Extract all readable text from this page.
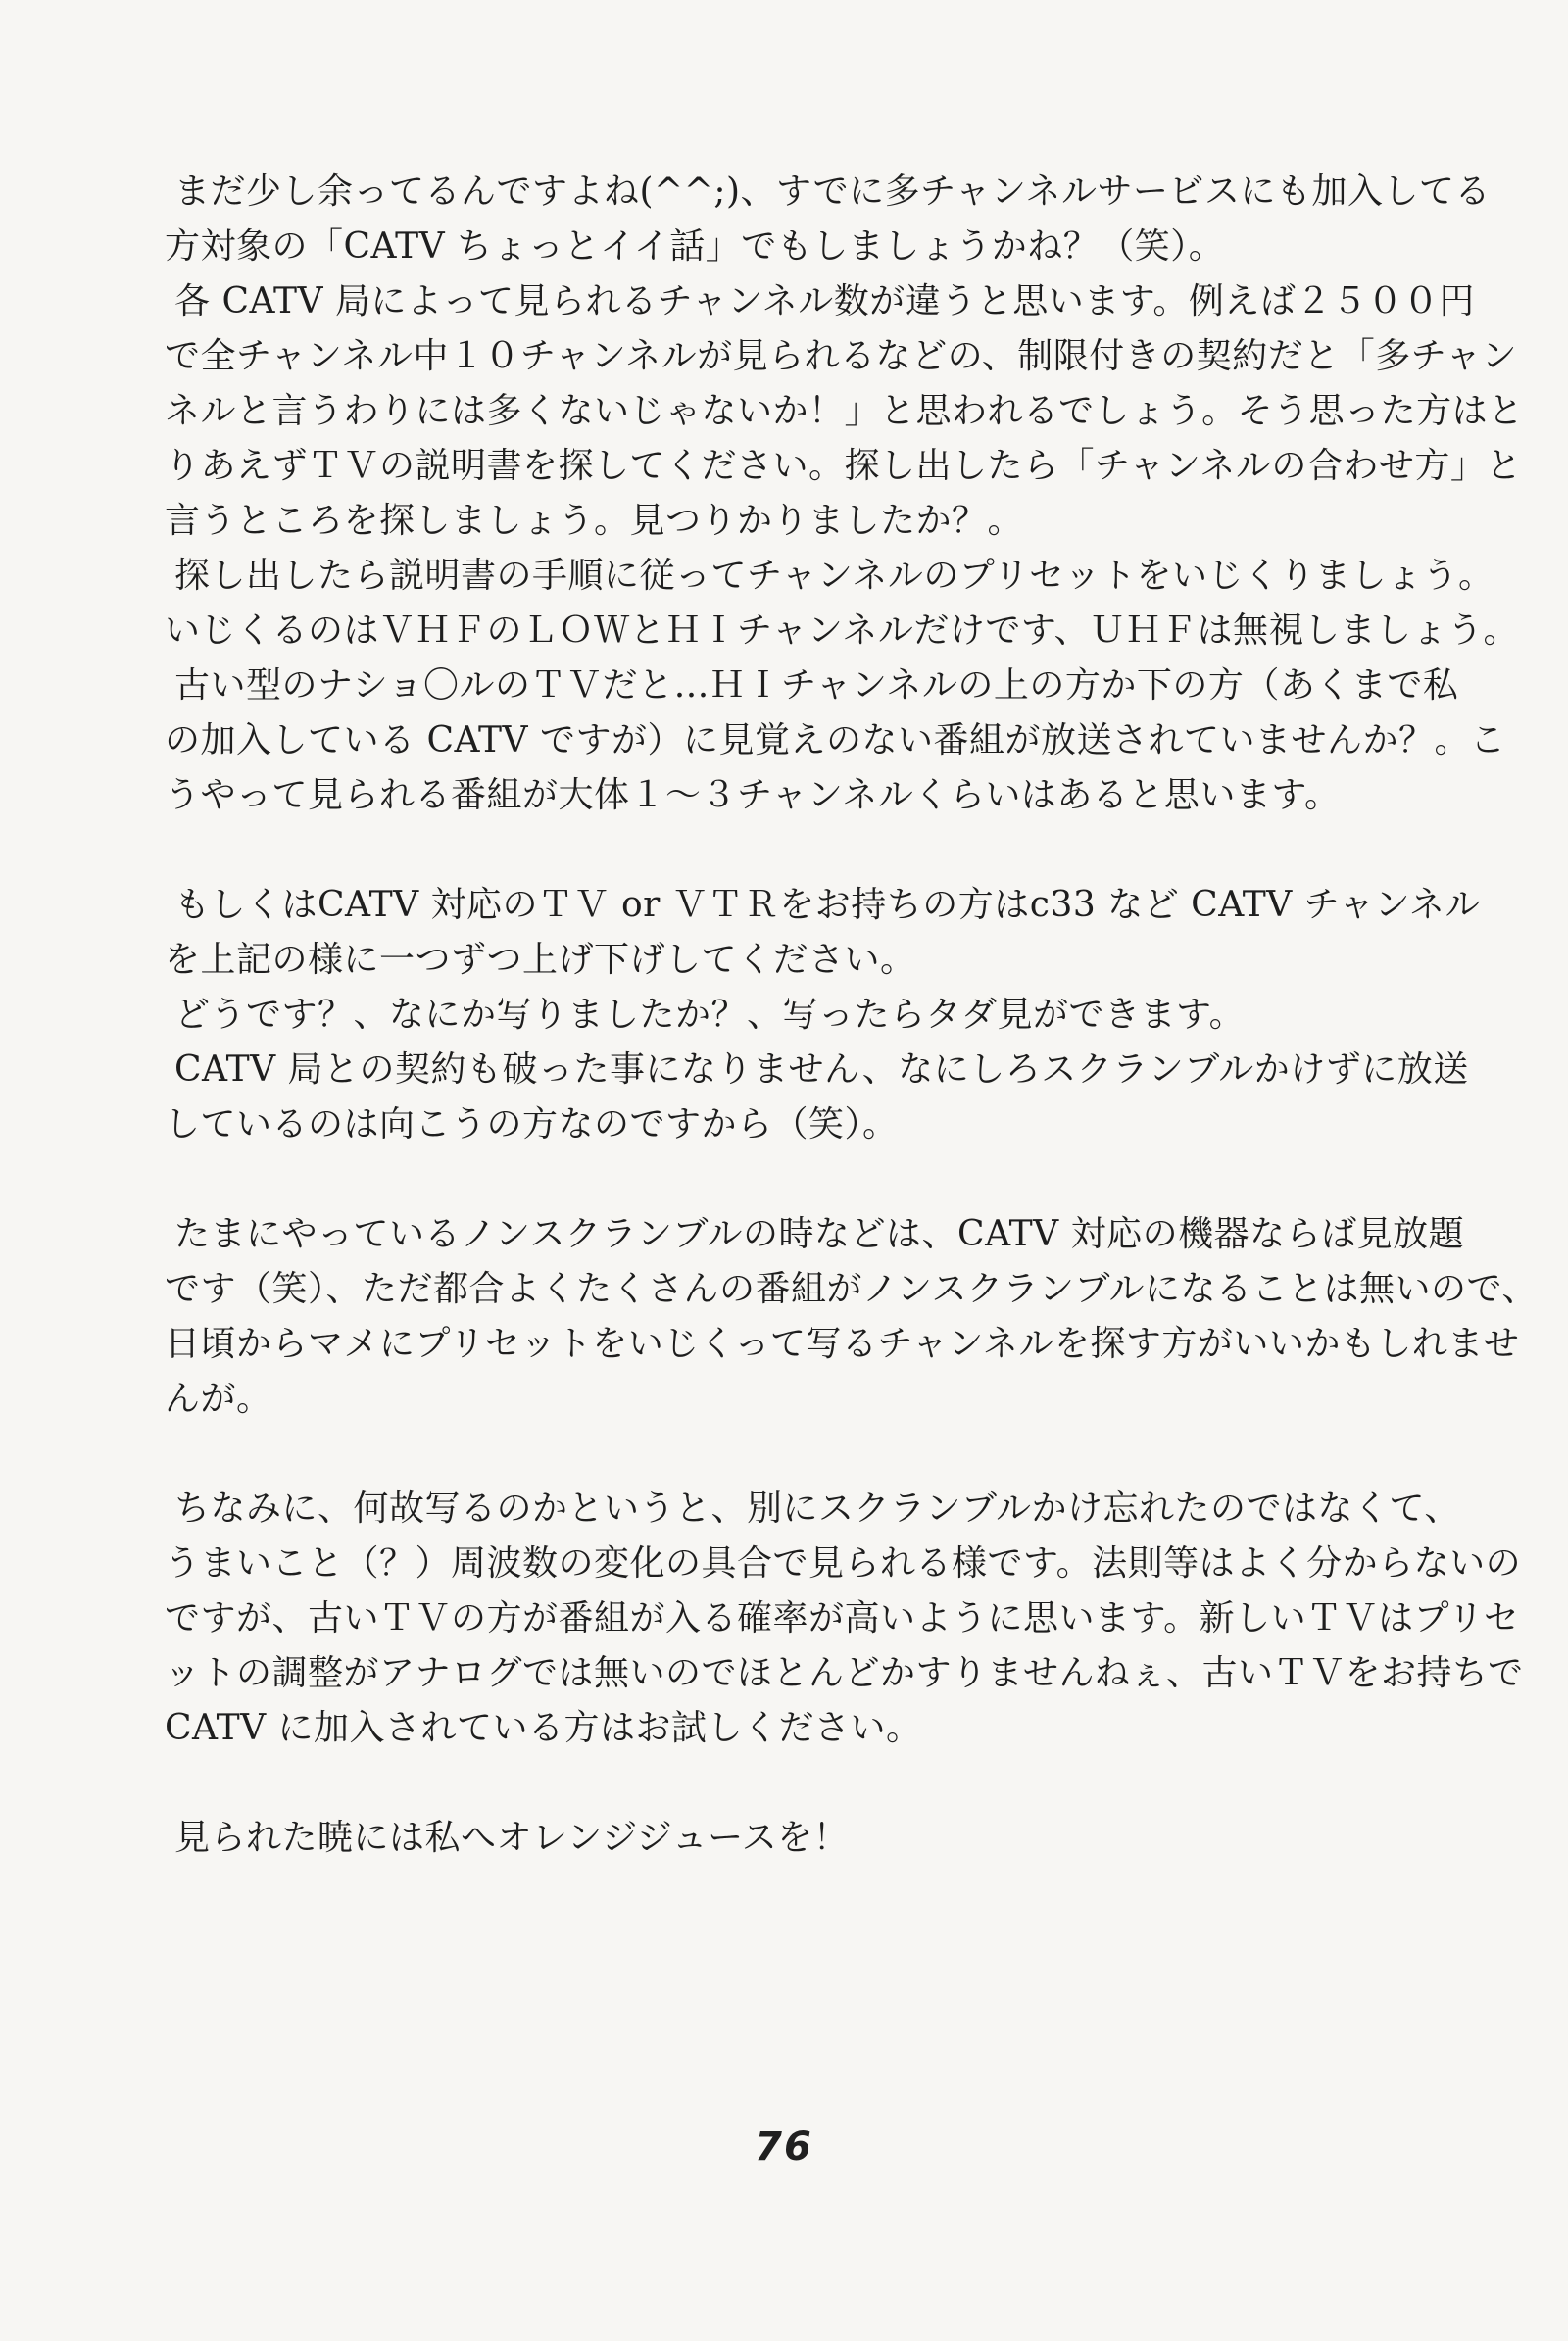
まだ少し余ってるんですよね(^^;)、すでに多チャンネルサービスにも加入してる
方対象の「CATV ちょっとイイ話」でもしましょうかね？（笑）。
各 CATV 局によって見られるチャンネル数が違うと思います。例えば２５００円
で全チャンネル中１０チャンネルが見られるなどの、制限付きの契約だと「多チャン
ネルと言うわりには多くないじゃないか！」と思われるでしょう。そう思った方はと
りあえずＴＶの説明書を探してください。探し出したら「チャンネルの合わせ方」と
言うところを探しましょう。見つりかりましたか？。
探し出したら説明書の手順に従ってチャンネルのプリセットをいじくりましょう。
いじくるのはＶＨＦのＬＯＷとＨＩチャンネルだけです、ＵＨＦは無視しましょう。
古い型のナショ〇ルのＴＶだと…ＨＩチャンネルの上の方か下の方（あくまで私
の加入している CATV ですが）に見覚えのない番組が放送されていませんか？。こ
うやって見られる番組が大体１～３チャンネルくらいはあると思います。
もしくはCATV 対応のＴＶ or ＶＴＲをお持ちの方はc33 など CATV チャンネル
を上記の様に一つずつ上げ下げしてください。
どうです？、なにか写りましたか？、写ったらタダ見ができます。
CATV 局との契約も破った事になりません、なにしろスクランブルかけずに放送
しているのは向こうの方なのですから（笑）。
たまにやっているノンスクランブルの時などは、CATV 対応の機器ならば見放題
です（笑）、ただ都合よくたくさんの番組がノンスクランブルになることは無いので、
日頃からマメにプリセットをいじくって写るチャンネルを探す方がいいかもしれませ
んが。
ちなみに、何故写るのかというと、別にスクランブルかけ忘れたのではなくて、
うまいこと（？）周波数の変化の具合で見られる様です。法則等はよく分からないの
ですが、古いＴＶの方が番組が入る確率が高いように思います。新しいＴＶはプリセ
ットの調整がアナログでは無いのでほとんどかすりませんねぇ、古いＴＶをお持ちで
CATV に加入されている方はお試しください。
見られた暁には私へオレンジジュースを！
76
